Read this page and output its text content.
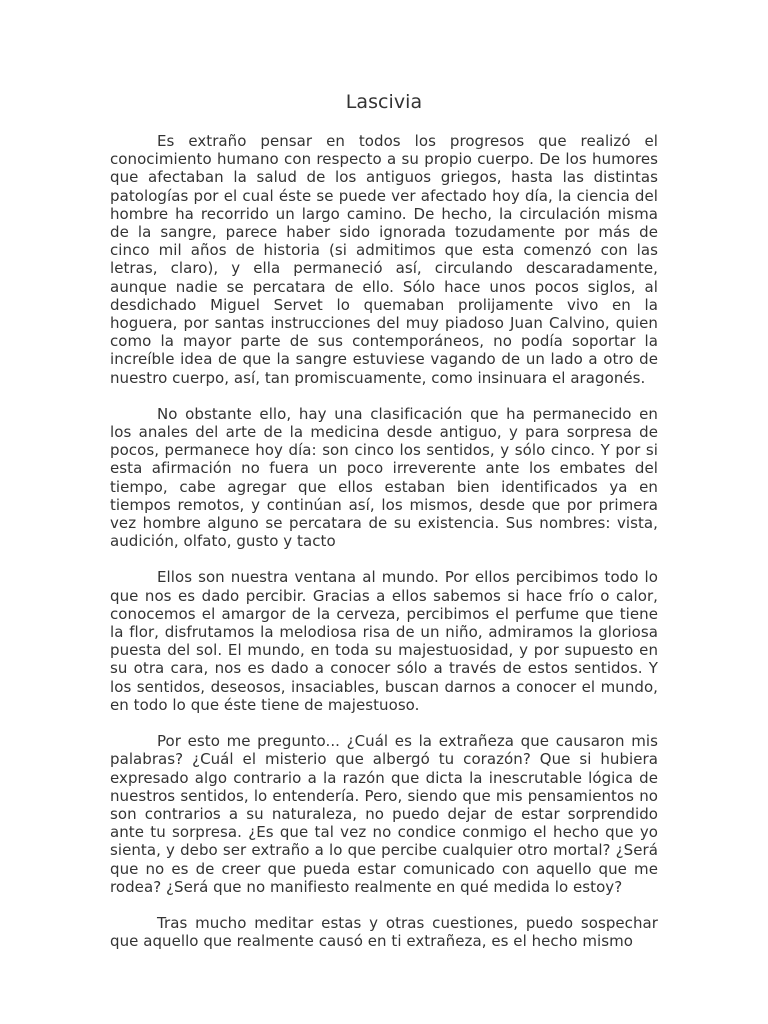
Lascivia

Es extraño pensar en todos los progresos que realizó el conocimiento humano con respecto a su propio cuerpo. De los humores que afectaban la salud de los antiguos griegos, hasta las distintas patologías por el cual éste se puede ver afectado hoy día, la ciencia del hombre ha recorrido un largo camino. De hecho, la circulación misma de la sangre, parece haber sido ignorada tozudamente por más de cinco mil años de historia (si admitimos que esta comenzó con las letras, claro), y ella permaneció así, circulando descaradamente, aunque nadie se percatara de ello. Sólo hace unos pocos siglos, al desdichado Miguel Servet lo quemaban prolijamente vivo en la hoguera, por santas instrucciones del muy piadoso Juan Calvino, quien como la mayor parte de sus contemporáneos, no podía soportar la increíble idea de que la sangre estuviese vagando de un lado a otro de nuestro cuerpo, así, tan promiscuamente, como insinuara el aragonés.

No obstante ello, hay una clasificación que ha permanecido en los anales del arte de la medicina desde antiguo, y para sorpresa de pocos, permanece hoy día: son cinco los sentidos, y sólo cinco. Y por si esta afirmación no fuera un poco irreverente ante los embates del tiempo, cabe agregar que ellos estaban bien identificados ya en tiempos remotos, y continúan así, los mismos, desde que por primera vez hombre alguno se percatara de su existencia. Sus nombres: vista, audición, olfato, gusto y tacto

Ellos son nuestra ventana al mundo. Por ellos percibimos todo lo que nos es dado percibir. Gracias a ellos sabemos si hace frío o calor, conocemos el amargor de la cerveza, percibimos el perfume que tiene la flor, disfrutamos la melodiosa risa de un niño, admiramos la gloriosa puesta del sol. El mundo, en toda su majestuosidad, y por supuesto en su otra cara, nos es dado a conocer sólo a través de estos sentidos. Y los sentidos, deseosos, insaciables, buscan darnos a conocer el mundo, en todo lo que éste tiene de majestuoso.

Por esto me pregunto... ¿Cuál es la extrañeza que causaron mis palabras? ¿Cuál el misterio que albergó tu corazón? Que si hubiera expresado algo contrario a la razón que dicta la inescrutable lógica de nuestros sentidos, lo entendería. Pero, siendo que mis pensamientos no son contrarios a su naturaleza, no puedo dejar de estar sorprendido ante tu sorpresa. ¿Es que tal vez no condice conmigo el hecho que yo sienta, y debo ser extraño a lo que percibe cualquier otro mortal? ¿Será que no es de creer que pueda estar comunicado con aquello que me rodea? ¿Será que no manifiesto realmente en qué medida lo estoy?

Tras mucho meditar estas y otras cuestiones, puedo sospechar que aquello que realmente causó en ti extrañeza, es el hecho mismo
